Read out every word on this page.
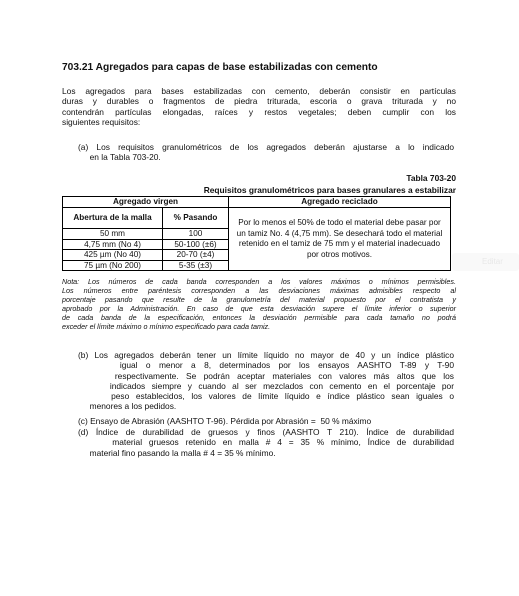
703.21 Agregados para capas de base estabilizadas con cemento

Los agregados para bases estabilizadas con cemento, deberán consistir en partículas
duras y durables o fragmentos de piedra triturada, escoria o grava triturada y no
contendrán partículas elongadas, raíces y restos vegetales; deben cumplir con los
siguientes requisitos:

(a) Los requisitos granulométricos de los agregados deberán ajustarse a lo indicado
en la Tabla 703-20.

Tabla 703-20
Requisitos granulométricos para bases granulares a estabilizar
Agregado virgen		Agregado reciclado
Abertura de la malla	% Pasando	Por lo menos el 50% de todo el material debe pasar por un tamiz No. 4 (4,75 mm). Se desechará todo el material retenido en el tamiz de 75 mm y el material inadecuado por otros motivos.
50 mm	100	
4,75 mm (No 4)	50-100 (±6)	
425 µm (No 40)	20-70 (±4)	
75 µm (No 200)	5-35 (±3)	

Nota: Los números de cada banda corresponden a los valores máximos o mínimos permisibles.
Los números entre paréntesis corresponden a las desviaciones máximas admisibles respecto al
porcentaje pasando que resulte de la granulometría del material propuesto por el contratista y
aprobado por la Administración. En caso de que esta desviación supere el límite inferior o superior
de cada banda de la especificación, entonces la desviación permisible para cada tamaño no podrá
exceder el límite máximo o mínimo especificado para cada tamiz.

(b) Los agregados deberán tener un límite líquido no mayor de 40 y un índice plástico
igual o menor a 8, determinados por los ensayos AASHTO T-89 y T-90
respectivamente. Se podrán aceptar materiales con valores más altos que los
indicados siempre y cuando al ser mezclados con cemento en el porcentaje por
peso establecidos, los valores de límite líquido e índice plástico sean iguales o
menores a los pedidos.

(c) Ensayo de Abrasión (AASHTO T-96). Pérdida por Abrasión =  50 % máximo

(d) Índice de durabilidad de gruesos y finos (AASHTO T 210). Índice de durabilidad
material gruesos retenido en malla # 4 = 35 % mínimo, Índice de durabilidad
material fino pasando la malla # 4 = 35 % mínimo.

Editar
